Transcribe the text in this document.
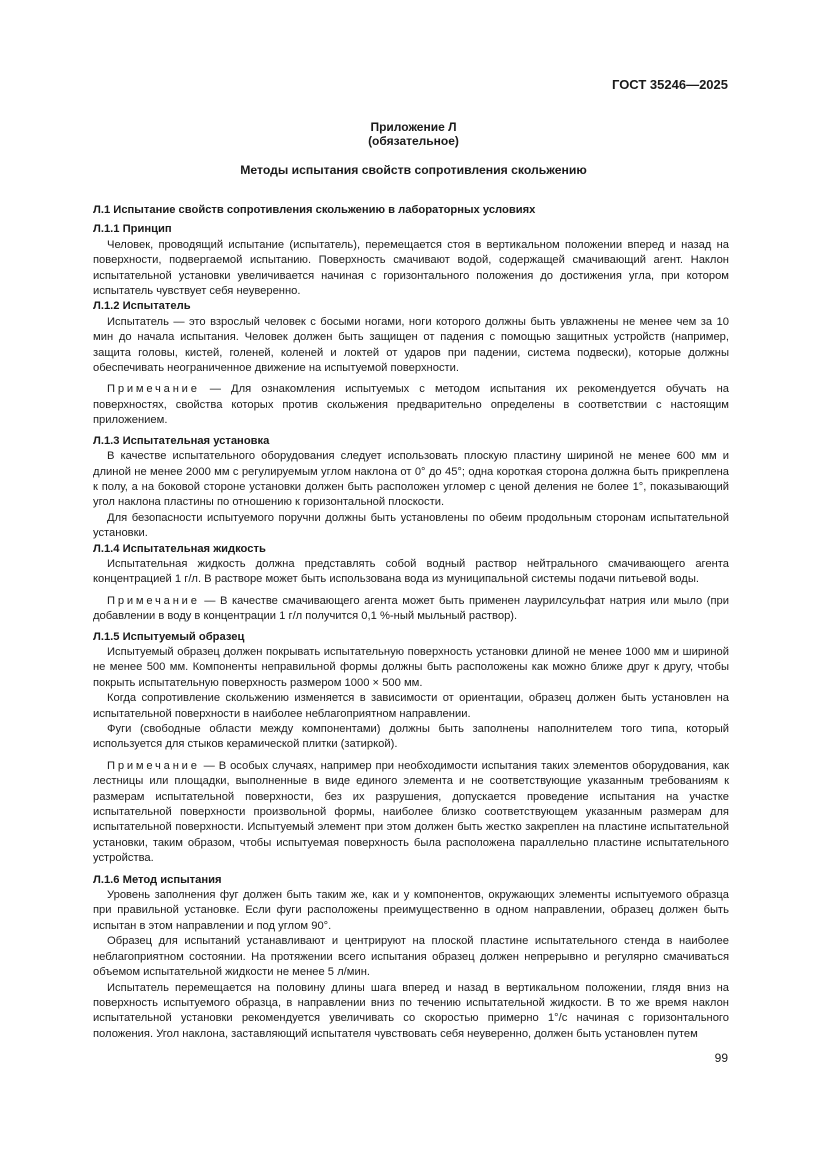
ГОСТ 35246—2025
Приложение Л
(обязательное)
Методы испытания свойств сопротивления скольжению
Л.1 Испытание свойств сопротивления скольжению в лабораторных условиях
Л.1.1 Принцип

Человек, проводящий испытание (испытатель), перемещается стоя в вертикальном положении вперед и назад на поверхности, подвергаемой испытанию. Поверхность смачивают водой, содержащей смачивающий агент. Наклон испытательной установки увеличивается начиная с горизонтального положения до достижения угла, при котором испытатель чувствует себя неуверенно.

Л.1.2 Испытатель

Испытатель — это взрослый человек с босыми ногами, ноги которого должны быть увлажнены не менее чем за 10 мин до начала испытания. Человек должен быть защищен от падения с помощью защитных устройств (например, защита головы, кистей, голеней, коленей и локтей от ударов при падении, система подвески), которые должны обеспечивать неограниченное движение на испытуемой поверхности.

Примечание — Для ознакомления испытуемых с методом испытания их рекомендуется обучать на поверхностях, свойства которых против скольжения предварительно определены в соответствии с настоящим приложением.

Л.1.3 Испытательная установка

В качестве испытательного оборудования следует использовать плоскую пластину шириной не менее 600 мм и длиной не менее 2000 мм с регулируемым углом наклона от 0° до 45°; одна короткая сторона должна быть прикреплена к полу, а на боковой стороне установки должен быть расположен угломер с ценой деления не более 1°, показывающий угол наклона пластины по отношению к горизонтальной плоскости.

Для безопасности испытуемого поручни должны быть установлены по обеим продольным сторонам испытательной установки.

Л.1.4 Испытательная жидкость

Испытательная жидкость должна представлять собой водный раствор нейтрального смачивающего агента концентрацией 1 г/л. В растворе может быть использована вода из муниципальной системы подачи питьевой воды.

Примечание — В качестве смачивающего агента может быть применен лаурилсульфат натрия или мыло (при добавлении в воду в концентрации 1 г/л получится 0,1 %-ный мыльный раствор).

Л.1.5 Испытуемый образец

Испытуемый образец должен покрывать испытательную поверхность установки длиной не менее 1000 мм и шириной не менее 500 мм. Компоненты неправильной формы должны быть расположены как можно ближе друг к другу, чтобы покрыть испытательную поверхность размером 1000 × 500 мм.

Когда сопротивление скольжению изменяется в зависимости от ориентации, образец должен быть установлен на испытательной поверхности в наиболее неблагоприятном направлении.

Фуги (свободные области между компонентами) должны быть заполнены наполнителем того типа, который используется для стыков керамической плитки (затиркой).

Примечание — В особых случаях, например при необходимости испытания таких элементов оборудования, как лестницы или площадки, выполненные в виде единого элемента и не соответствующие указанным требованиям к размерам испытательной поверхности, без их разрушения, допускается проведение испытания на участке испытательной поверхности произвольной формы, наиболее близко соответствующем указанным размерам для испытательной поверхности. Испытуемый элемент при этом должен быть жестко закреплен на пластине испытательной установки, таким образом, чтобы испытуемая поверхность была расположена параллельно пластине испытательного устройства.

Л.1.6 Метод испытания

Уровень заполнения фуг должен быть таким же, как и у компонентов, окружающих элементы испытуемого образца при правильной установке. Если фуги расположены преимущественно в одном направлении, образец должен быть испытан в этом направлении и под углом 90°.

Образец для испытаний устанавливают и центрируют на плоской пластине испытательного стенда в наиболее неблагоприятном состоянии. На протяжении всего испытания образец должен непрерывно и регулярно смачиваться объемом испытательной жидкости не менее 5 л/мин.

Испытатель перемещается на половину длины шага вперед и назад в вертикальном положении, глядя вниз на поверхность испытуемого образца, в направлении вниз по течению испытательной жидкости. В то же время наклон испытательной установки рекомендуется увеличивать со скоростью примерно 1°/с начиная с горизонтального положения. Угол наклона, заставляющий испытателя чувствовать себя неуверенно, должен быть установлен путем

99
